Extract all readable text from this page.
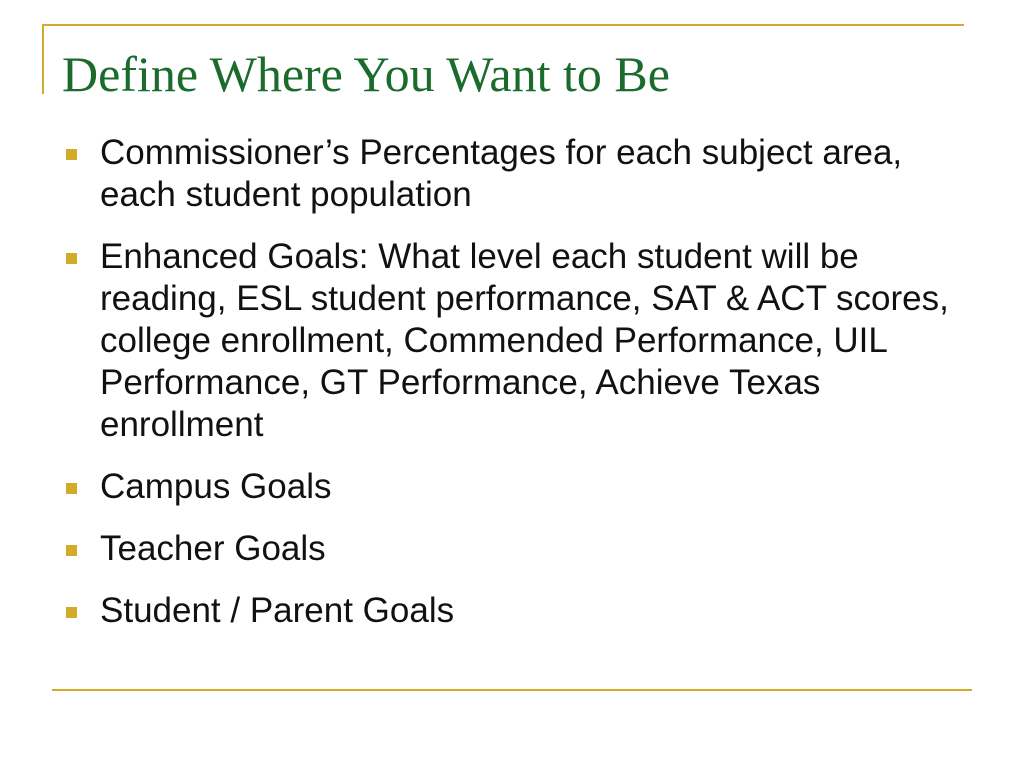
Define Where You Want to Be
Commissioner’s Percentages for each subject area, each student population
Enhanced Goals: What level each student will be reading, ESL student performance, SAT & ACT scores, college enrollment, Commended Performance, UIL Performance, GT Performance, Achieve Texas enrollment
Campus Goals
Teacher Goals
Student / Parent Goals
